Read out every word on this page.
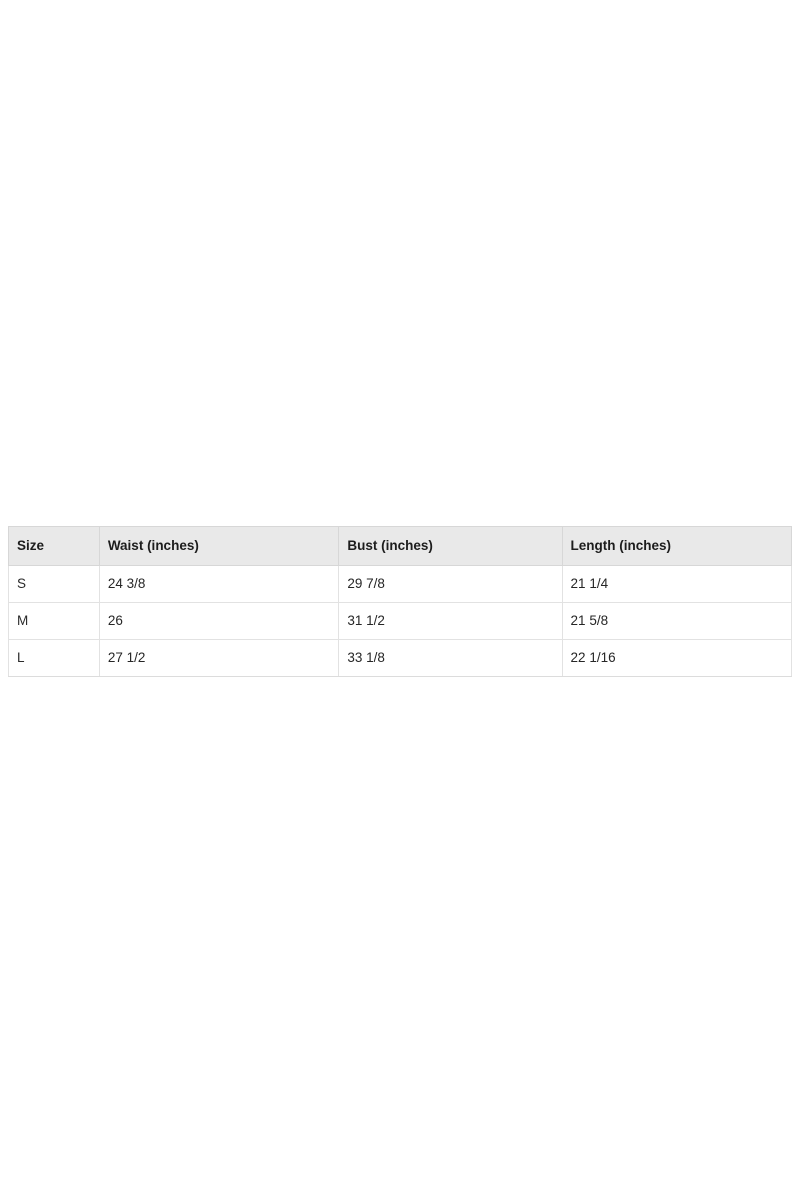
Size	Waist (inches)	Bust (inches)	Length (inches)
S	24 3/8	29 7/8	21 1/4
M	26	31 1/2	21 5/8
L	27 1/2	33 1/8	22 1/16
